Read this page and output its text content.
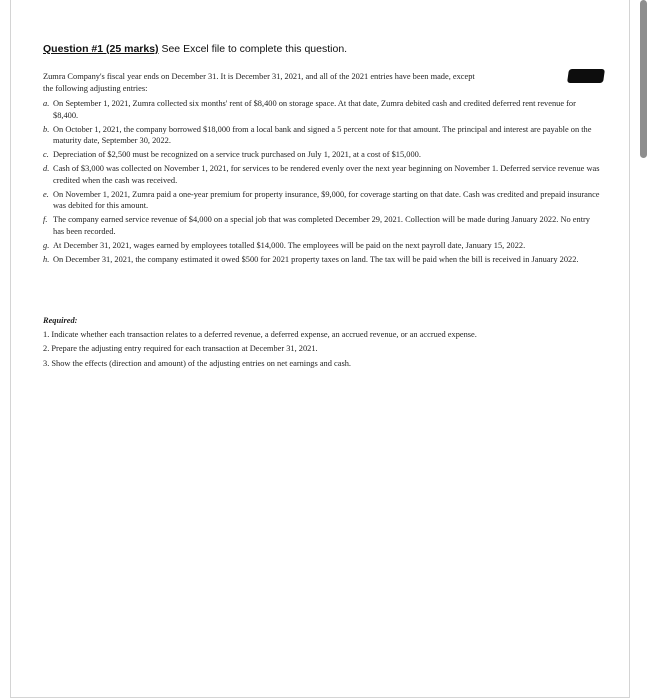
Question #1 (25 marks) See Excel file to complete this question.
Zumra Company's fiscal year ends on December 31. It is December 31, 2021, and all of the 2021 entries have been made, except
the following adjusting entries:
a. On September 1, 2021, Zumra collected six months' rent of $8,400 on storage space. At that date, Zumra debited cash and credited deferred rent revenue for $8,400.
b. On October 1, 2021, the company borrowed $18,000 from a local bank and signed a 5 percent note for that amount. The principal and interest are payable on the maturity date, September 30, 2022.
c. Depreciation of $2,500 must be recognized on a service truck purchased on July 1, 2021, at a cost of $15,000.
d. Cash of $3,000 was collected on November 1, 2021, for services to be rendered evenly over the next year beginning on November 1. Deferred service revenue was credited when the cash was received.
e. On November 1, 2021, Zumra paid a one-year premium for property insurance, $9,000, for coverage starting on that date. Cash was credited and prepaid insurance was debited for this amount.
f. The company earned service revenue of $4,000 on a special job that was completed December 29, 2021. Collection will be made during January 2022. No entry has been recorded.
g. At December 31, 2021, wages earned by employees totalled $14,000. The employees will be paid on the next payroll date, January 15, 2022.
h. On December 31, 2021, the company estimated it owed $500 for 2021 property taxes on land. The tax will be paid when the bill is received in January 2022.
Required:
1. Indicate whether each transaction relates to a deferred revenue, a deferred expense, an accrued revenue, or an accrued expense.
2. Prepare the adjusting entry required for each transaction at December 31, 2021.
3. Show the effects (direction and amount) of the adjusting entries on net earnings and cash.
